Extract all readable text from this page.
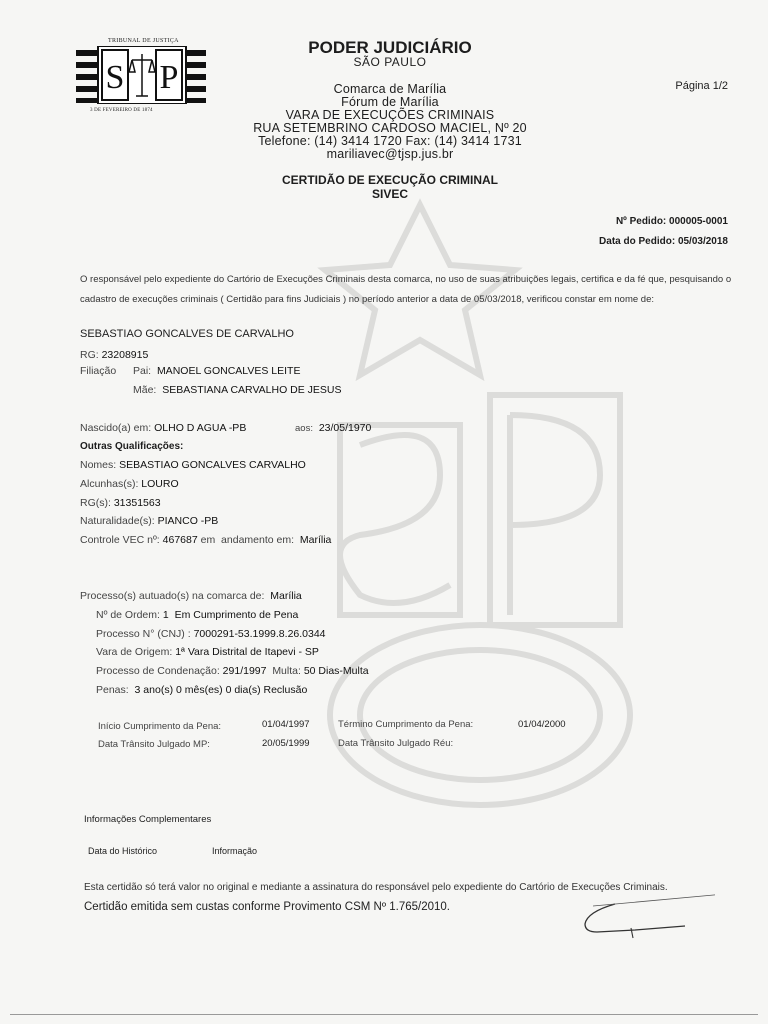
TRIBUNAL DE JUSTIÇA
S P
3 DE FEVEREIRO DE 1874
PODER JUDICIÁRIO
SÃO PAULO
Página 1/2
Comarca de Marília
Fórum de Marília
VARA DE EXECUÇÕES CRIMINAIS
RUA SETEMBRINO CARDOSO MACIEL, Nº 20
Telefone: (14) 3414 1720 Fax: (14) 3414 1731
mariliavec@tjsp.jus.br
CERTIDÃO DE EXECUÇÃO CRIMINAL
SIVEC
Nº Pedido: 000005-0001
Data do Pedido: 05/03/2018
O responsável pelo expediente do Cartório de Execuções Criminais desta comarca, no uso de suas atribuições legais, certifica e da fé que, pesquisando o cadastro de execuções criminais ( Certidão para fins Judiciais ) no período anterior a data de 05/03/2018, verificou constar em nome de:
SEBASTIAO GONCALVES DE CARVALHO
RG: 23208915
Filiação Pai: MANOEL GONCALVES LEITE
Mãe: SEBASTIANA CARVALHO DE JESUS
Nascido(a) em: OLHO D AGUA -PB	aos: 23/05/1970
Outras Qualificações:
Nomes: SEBASTIAO GONCALVES CARVALHO
Alcunhas(s): LOURO
RG(s): 31351563
Naturalidade(s): PIANCO -PB
Controle VEC nº: 467687 em andamento em: Marília
Processo(s) autuado(s) na comarca de: Marília
Nº de Ordem: 1 Em Cumprimento de Pena
Processo N° (CNJ) : 7000291-53.1999.8.26.0344
Vara de Origem: 1ª Vara Distrital de Itapevi - SP
Processo de Condenação: 291/1997 Multa: 50 Dias-Multa
Penas: 3 ano(s) 0 mês(es) 0 dia(s) Reclusão
Início Cumprimento da Pena:	01/04/1997	Término Cumprimento da Pena:	01/04/2000
Data Trânsito Julgado MP:	20/05/1999	Data Trânsito Julgado Réu:
Informações Complementares
Data do Histórico	Informação
Esta certidão só terá valor no original e mediante a assinatura do responsável pelo expediente do Cartório de Execuções Criminais.
Certidão emitida sem custas conforme Provimento CSM Nº 1.765/2010.
